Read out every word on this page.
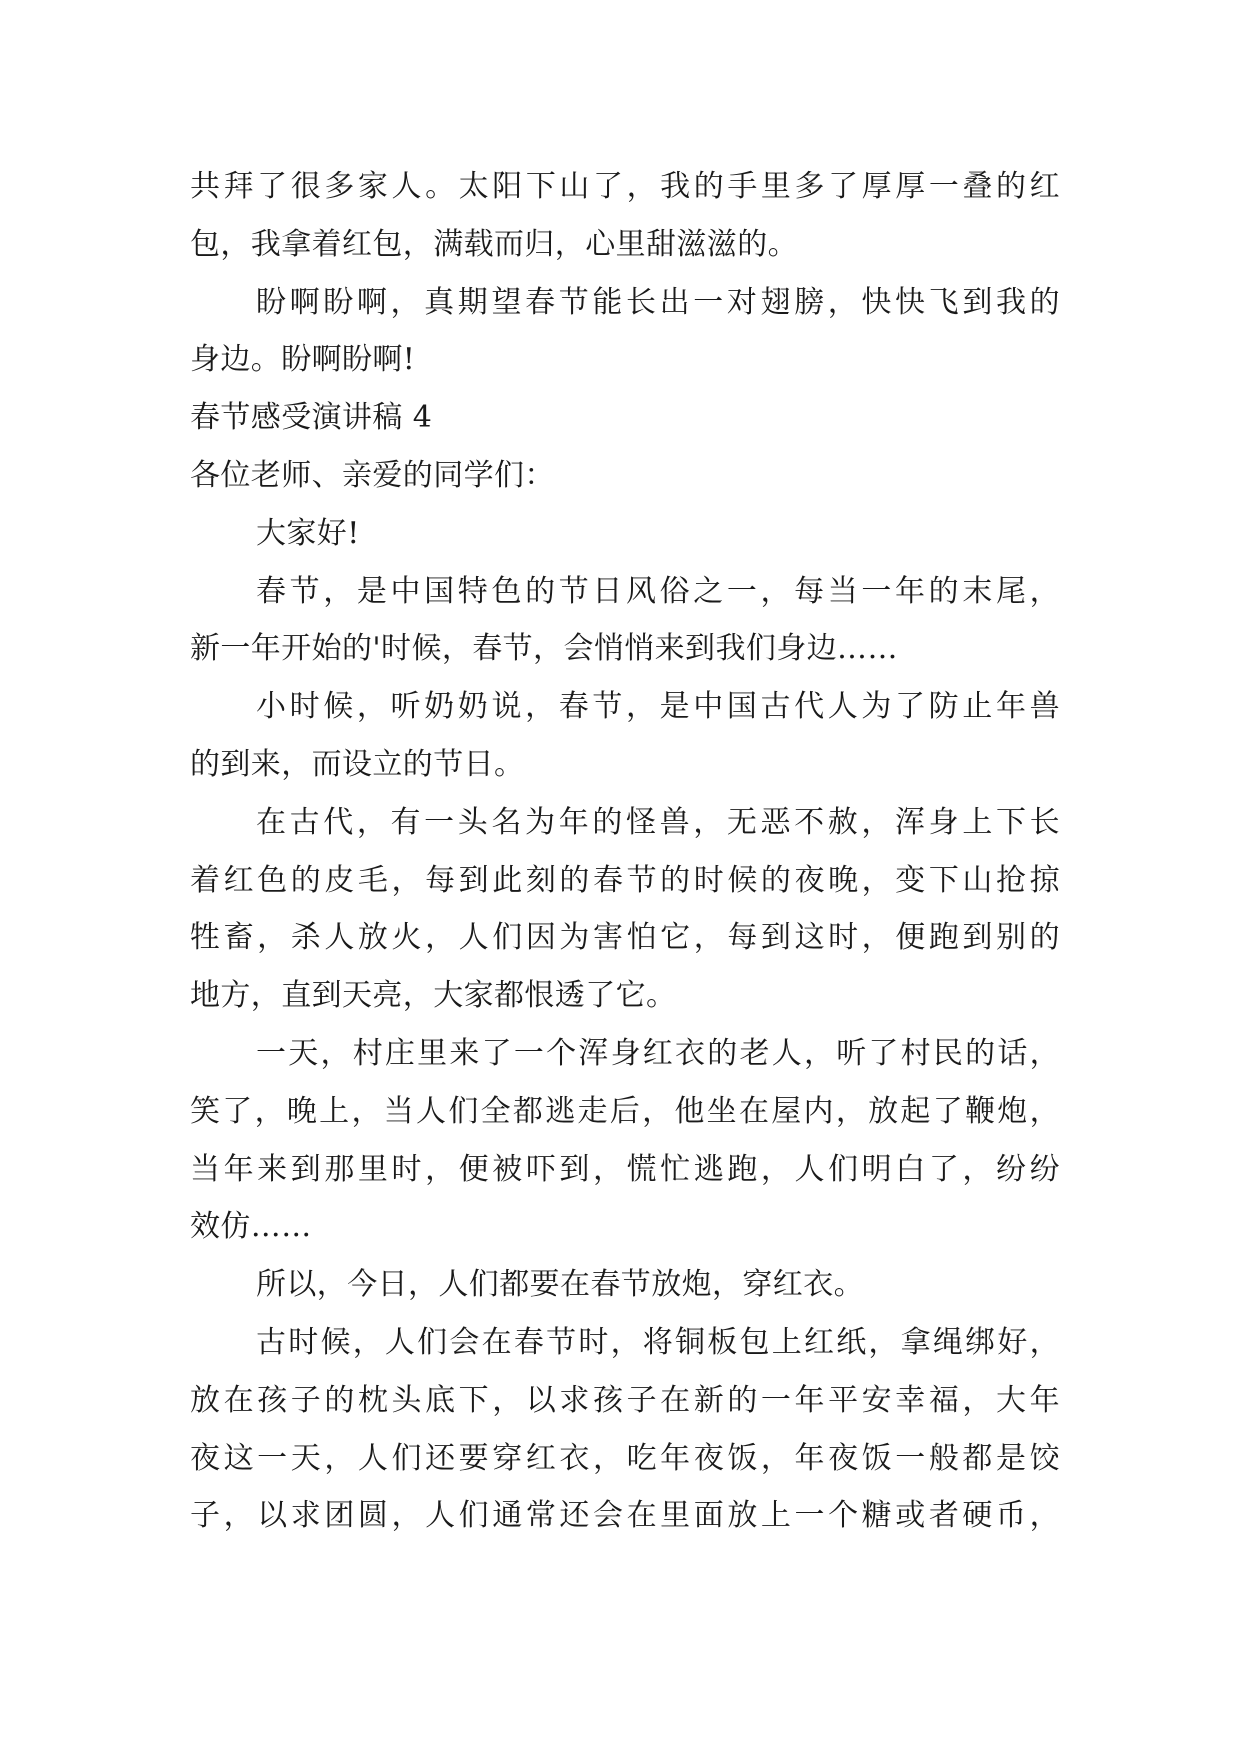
共拜了很多家人。太阳下山了，我的手里多了厚厚一叠的红
包，我拿着红包，满载而归，心里甜滋滋的。
盼啊盼啊，真期望春节能长出一对翅膀，快快飞到我的
身边。盼啊盼啊!
春节感受演讲稿 4
各位老师、亲爱的同学们：
大家好!
春节，是中国特色的节日风俗之一，每当一年的末尾，
新一年开始的'时候，春节，会悄悄来到我们身边……
小时候，听奶奶说，春节，是中国古代人为了防止年兽
的到来，而设立的节日。
在古代，有一头名为年的怪兽，无恶不赦，浑身上下长
着红色的皮毛，每到此刻的春节的时候的夜晚，变下山抢掠
牲畜，杀人放火，人们因为害怕它，每到这时，便跑到别的
地方，直到天亮，大家都恨透了它。
一天，村庄里来了一个浑身红衣的老人，听了村民的话，
笑了，晚上，当人们全都逃走后，他坐在屋内，放起了鞭炮，
当年来到那里时，便被吓到，慌忙逃跑，人们明白了，纷纷
效仿……
所以，今日，人们都要在春节放炮，穿红衣。
古时候，人们会在春节时，将铜板包上红纸，拿绳绑好，
放在孩子的枕头底下，以求孩子在新的一年平安幸福，大年
夜这一天，人们还要穿红衣，吃年夜饭，年夜饭一般都是饺
子，以求团圆，人们通常还会在里面放上一个糖或者硬币，
